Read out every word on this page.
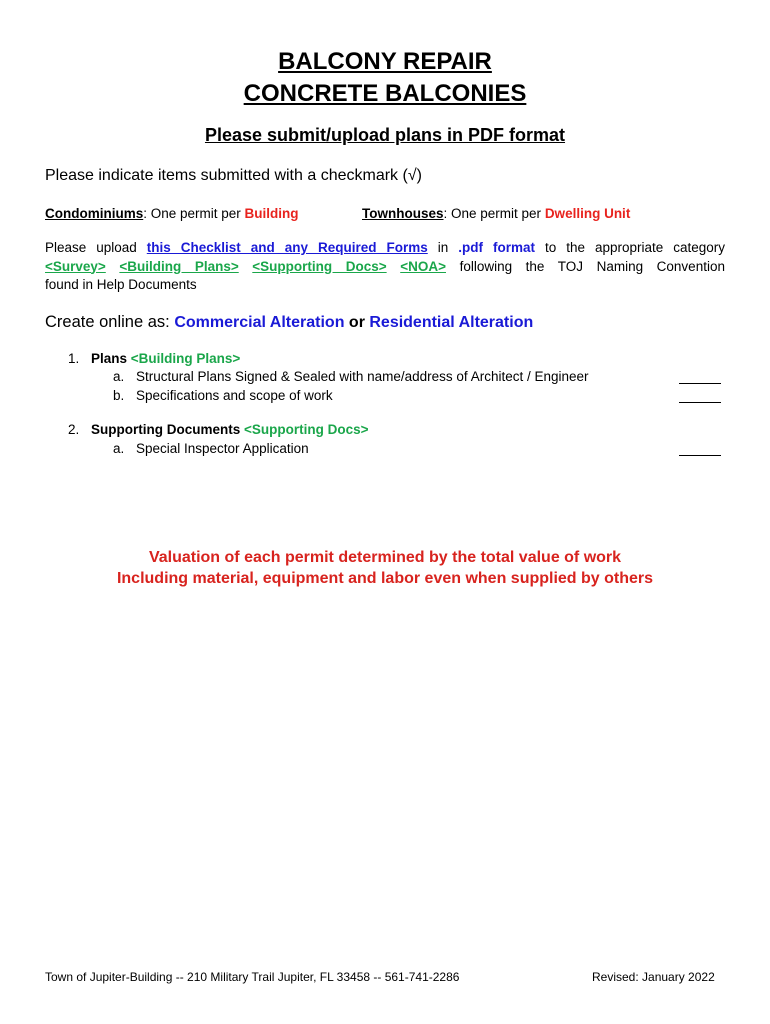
BALCONY REPAIR
CONCRETE BALCONIES
Please submit/upload plans in PDF format
Please indicate items submitted with a checkmark (√)
Condominiums: One permit per Building	Townhouses: One permit per Dwelling Unit
Please upload this Checklist and any Required Forms in .pdf format to the appropriate category
<Survey> <Building Plans> <Supporting Docs> <NOA> following the TOJ Naming Convention
found in Help Documents
Create online as: Commercial Alteration or Residential Alteration
1. Plans <Building Plans>
a. Structural Plans Signed & Sealed with name/address of Architect / Engineer
b. Specifications and scope of work
2. Supporting Documents <Supporting Docs>
a. Special Inspector Application
Valuation of each permit determined by the total value of work
Including material, equipment and labor even when supplied by others
Town of Jupiter-Building -- 210 Military Trail Jupiter, FL 33458 -- 561-741-2286	Revised: January 2022
